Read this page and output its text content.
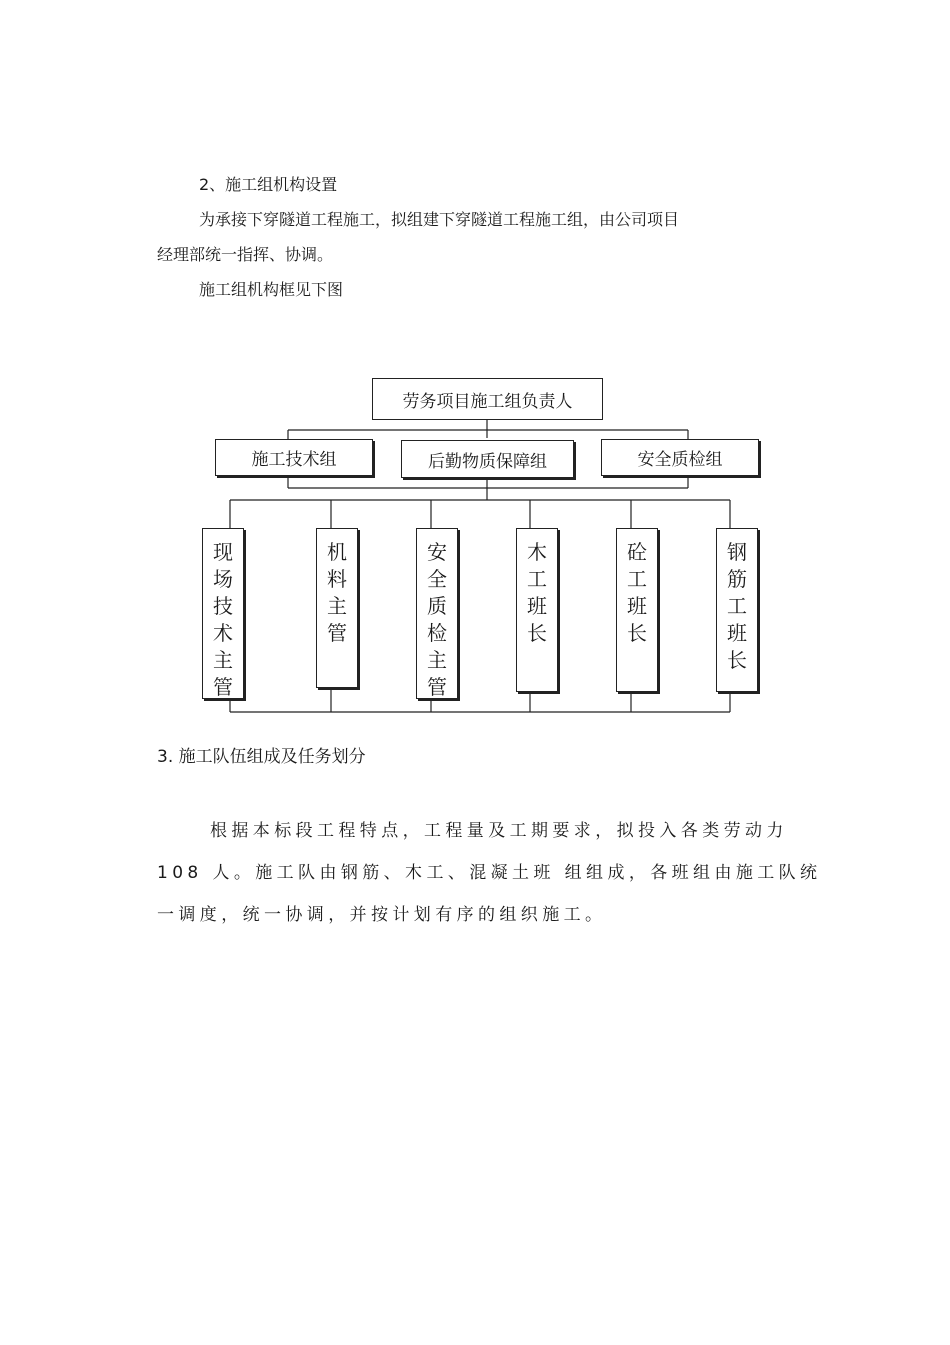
2、施工组机构设置

为承接下穿隧道工程施工，拟组建下穿隧道工程施工组，由公司项目

经理部统一指挥、协调。

施工组机构框见下图

劳务项目施工组负责人
施工技术组	后勤物质保障组	安全质检组
现
场
技
术
主
管
机
料
主
管
安
全
质
检
主
管
木
工
班
长
砼
工
班
长
钢
筋
工
班
长

3. 施工队伍组成及任务划分

根据本标段工程特点，工程量及工期要求，拟投入各类劳动力

108 人。施工队由钢筋、木工、混凝土班 组组成，各班组由施工队统

一调度，统一协调，并按计划有序的组织施工。
